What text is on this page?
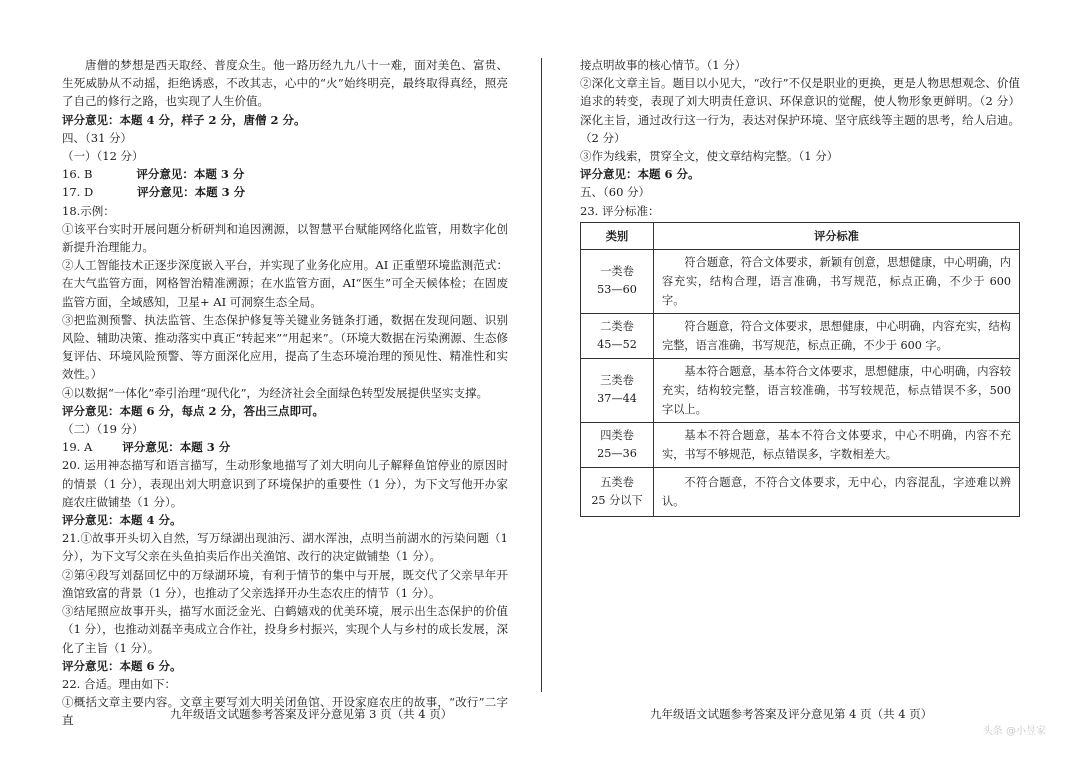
唐僧的梦想是西天取经、普度众生。他一路历经九九八十一难，面对美色、富贵、生死威胁从不动摇，拒绝诱惑，不改其志，心中的“火”始终明亮，最终取得真经，照亮了自己的修行之路，也实现了人生价值。

评分意见：本题 4 分，样子 2 分，唐僧 2 分。

四、（31 分）

（一）（12 分）

16. B	评分意见：本题 3 分

17. D	评分意见：本题 3 分

18.示例：

①该平台实时开展问题分析研判和追因溯源，以智慧平台赋能网络化监管，用数字化创新提升治理能力。

②人工智能技术正逐步深度嵌入平台，并实现了业务化应用。AI 正重塑环境监测范式：在大气监管方面，网格智治精准溯源；在水监管方面，AI“医生”可全天候体检；在固废监管方面，全域感知，卫星+ AI 可洞察生态全局。

③把监测预警、执法监管、生态保护修复等关键业务链条打通，数据在发现问题、识别风险、辅助决策、推动落实中真正“转起来”“用起来”。（环境大数据在污染溯源、生态修复评估、环境风险预警、等方面深化应用，提高了生态环境治理的预见性、精准性和实效性。）

④以数据“一体化”牵引治理“现代化”，为经济社会全面绿色转型发展提供坚实支撑。

评分意见：本题 6 分，每点 2 分，答出三点即可。

（二）（19 分）

19. A	评分意见：本题 3 分

20. 运用神态描写和语言描写，生动形象地描写了刘大明向儿子解释鱼馆停业的原因时的情景（1 分），表现出刘大明意识到了环境保护的重要性（1 分），为下文写他开办家庭农庄做铺垫（1 分）。

评分意见：本题 4 分。

21.①故事开头切入自然，写万绿湖出现油污、湖水浑浊，点明当前湖水的污染问题（1 分），为下文写父亲在头鱼拍卖后作出关渔馆、改行的决定做铺垫（1 分）。

②第④段写刘磊回忆中的万绿湖环境，有利于情节的集中与开展，既交代了父亲早年开渔馆致富的背景（1 分），也推动了父亲选择开办生态农庄的情节（1 分）。

③结尾照应故事开头，描写水面泛金光、白鹤嬉戏的优美环境，展示出生态保护的价值（1 分），也推动刘磊辛夷成立合作社，投身乡村振兴，实现个人与乡村的成长发展，深化了主旨（1 分）。

评分意见：本题 6 分。

22. 合适。理由如下：

①概括文章主要内容。文章主要写刘大明关闭鱼馆、开设家庭农庄的故事，“改行”二字直

接点明故事的核心情节。（1 分）

②深化文章主旨。题目以小见大，“改行”不仅是职业的更换，更是人物思想观念、价值追求的转变，表现了刘大明责任意识、环保意识的觉醒，使人物形象更鲜明。（2 分）深化主旨，通过改行这一行为，表达对保护环境、坚守底线等主题的思考，给人启迪。（2 分）

③作为线索，贯穿全文，使文章结构完整。（1 分）

评分意见：本题 6 分。

五、（60 分）

23. 评分标准：

类别	评分标准

一类卷
53—60	符合题意，符合文体要求，新颖有创意，思想健康，中心明确，内容充实，结构合理，语言准确，书写规范，标点正确，不少于 600 字。

二类卷
45—52	符合题意，符合文体要求，思想健康，中心明确，内容充实，结构完整，语言准确，书写规范，标点正确，不少于 600 字。

三类卷
37—44	基本符合题意，基本符合文体要求，思想健康，中心明确，内容较充实，结构较完整，语言较准确，书写较规范，标点错误不多，500 字以上。

四类卷
25—36	基本不符合题意，基本不符合文体要求，中心不明确，内容不充实，书写不够规范，标点错误多，字数相差大。

五类卷
25 分以下	不符合题意，不符合文体要求，无中心，内容混乱，字迹难以辨认。
九年级语文试题参考答案及评分意见第 3 页（共 4 页）	九年级语文试题参考答案及评分意见第 4 页（共 4 页）
头条 @小昱家
